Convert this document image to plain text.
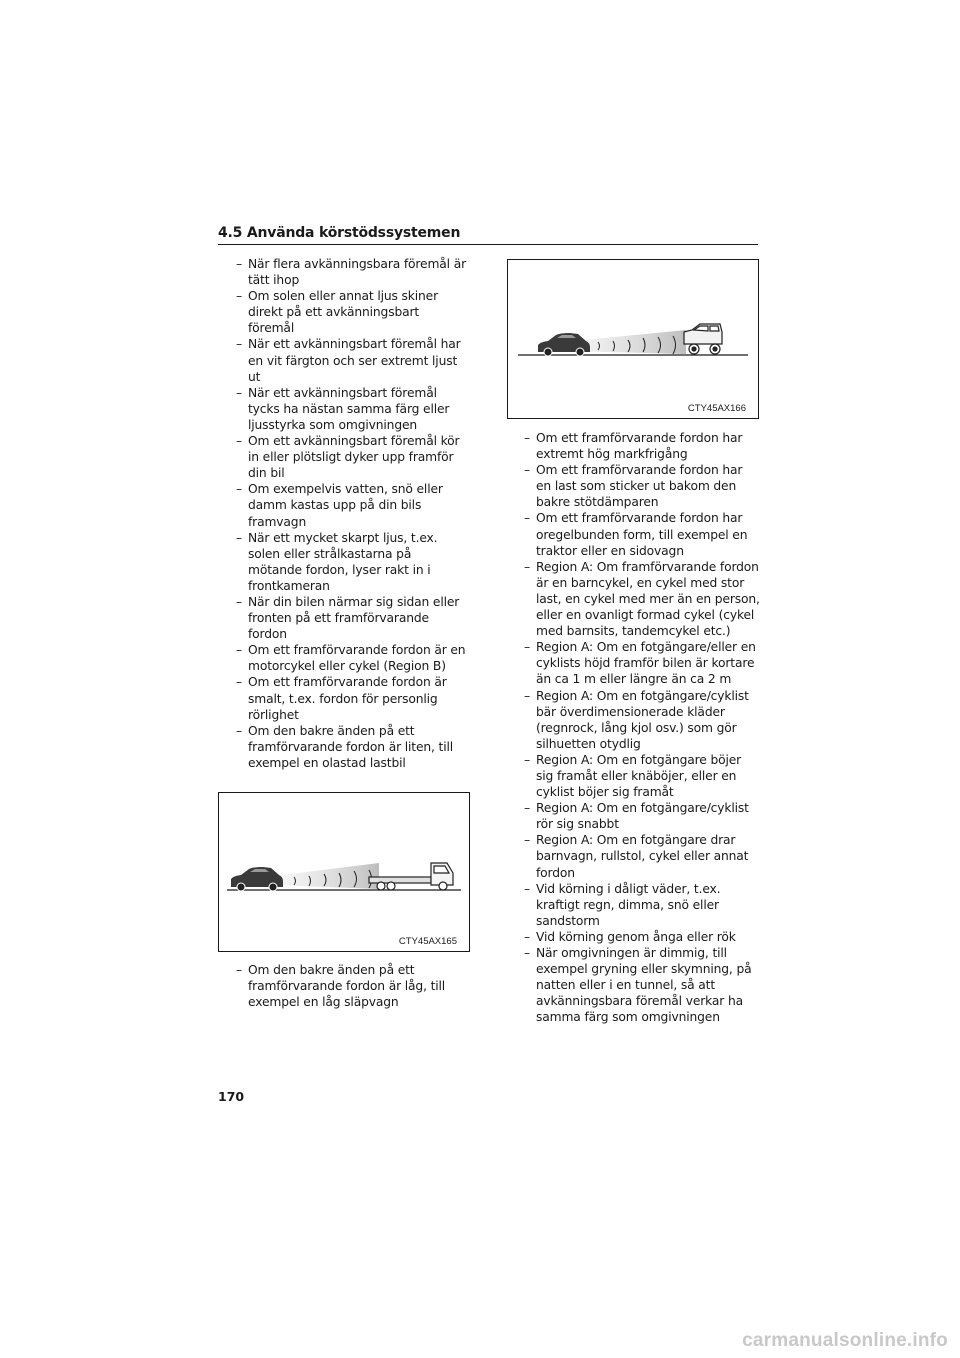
4.5 Använda körstödssystemen
– När flera avkänningsbara föremål är tätt ihop
– Om solen eller annat ljus skiner direkt på ett avkänningsbart föremål
– När ett avkänningsbart föremål har en vit färgton och ser extremt ljust ut
– När ett avkänningsbart föremål tycks ha nästan samma färg eller ljusstyrka som omgivningen
– Om ett avkänningsbart föremål kör in eller plötsligt dyker upp framför din bil
– Om exempelvis vatten, snö eller damm kastas upp på din bils framvagn
– När ett mycket skarpt ljus, t.ex. solen eller strålkastarna på mötande fordon, lyser rakt in i frontkameran
– När din bilen närmar sig sidan eller fronten på ett framförvarande fordon
– Om ett framförvarande fordon är en motorcykel eller cykel (Region B)
– Om ett framförvarande fordon är smalt, t.ex. fordon för personlig rörlighet
– Om den bakre änden på ett framförvarande fordon är liten, till exempel en olastad lastbil
CTY45AX165
– Om den bakre änden på ett framförvarande fordon är låg, till exempel en låg släpvagn
CTY45AX166
– Om ett framförvarande fordon har extremt hög markfrigång
– Om ett framförvarande fordon har en last som sticker ut bakom den bakre stötdämparen
– Om ett framförvarande fordon har oregelbunden form, till exempel en traktor eller en sidovagn
– Region A: Om framförvarande fordon är en barncykel, en cykel med stor last, en cykel med mer än en person, eller en ovanligt formad cykel (cykel med barnsits, tandemcykel etc.)
– Region A: Om en fotgängare/eller en cyklists höjd framför bilen är kortare än ca 1 m eller längre än ca 2 m
– Region A: Om en fotgängare/cyklist bär överdimensionerade kläder (regnrock, lång kjol osv.) som gör silhuetten otydlig
– Region A: Om en fotgängare böjer sig framåt eller knäböjer, eller en cyklist böjer sig framåt
– Region A: Om en fotgängare/cyklist rör sig snabbt
– Region A: Om en fotgängare drar barnvagn, rullstol, cykel eller annat fordon
– Vid körning i dåligt väder, t.ex. kraftigt regn, dimma, snö eller sandstorm
– Vid körning genom ånga eller rök
– När omgivningen är dimmig, till exempel gryning eller skymning, på natten eller i en tunnel, så att avkänningsbara föremål verkar ha samma färg som omgivningen
170
carmanualsonline.info
